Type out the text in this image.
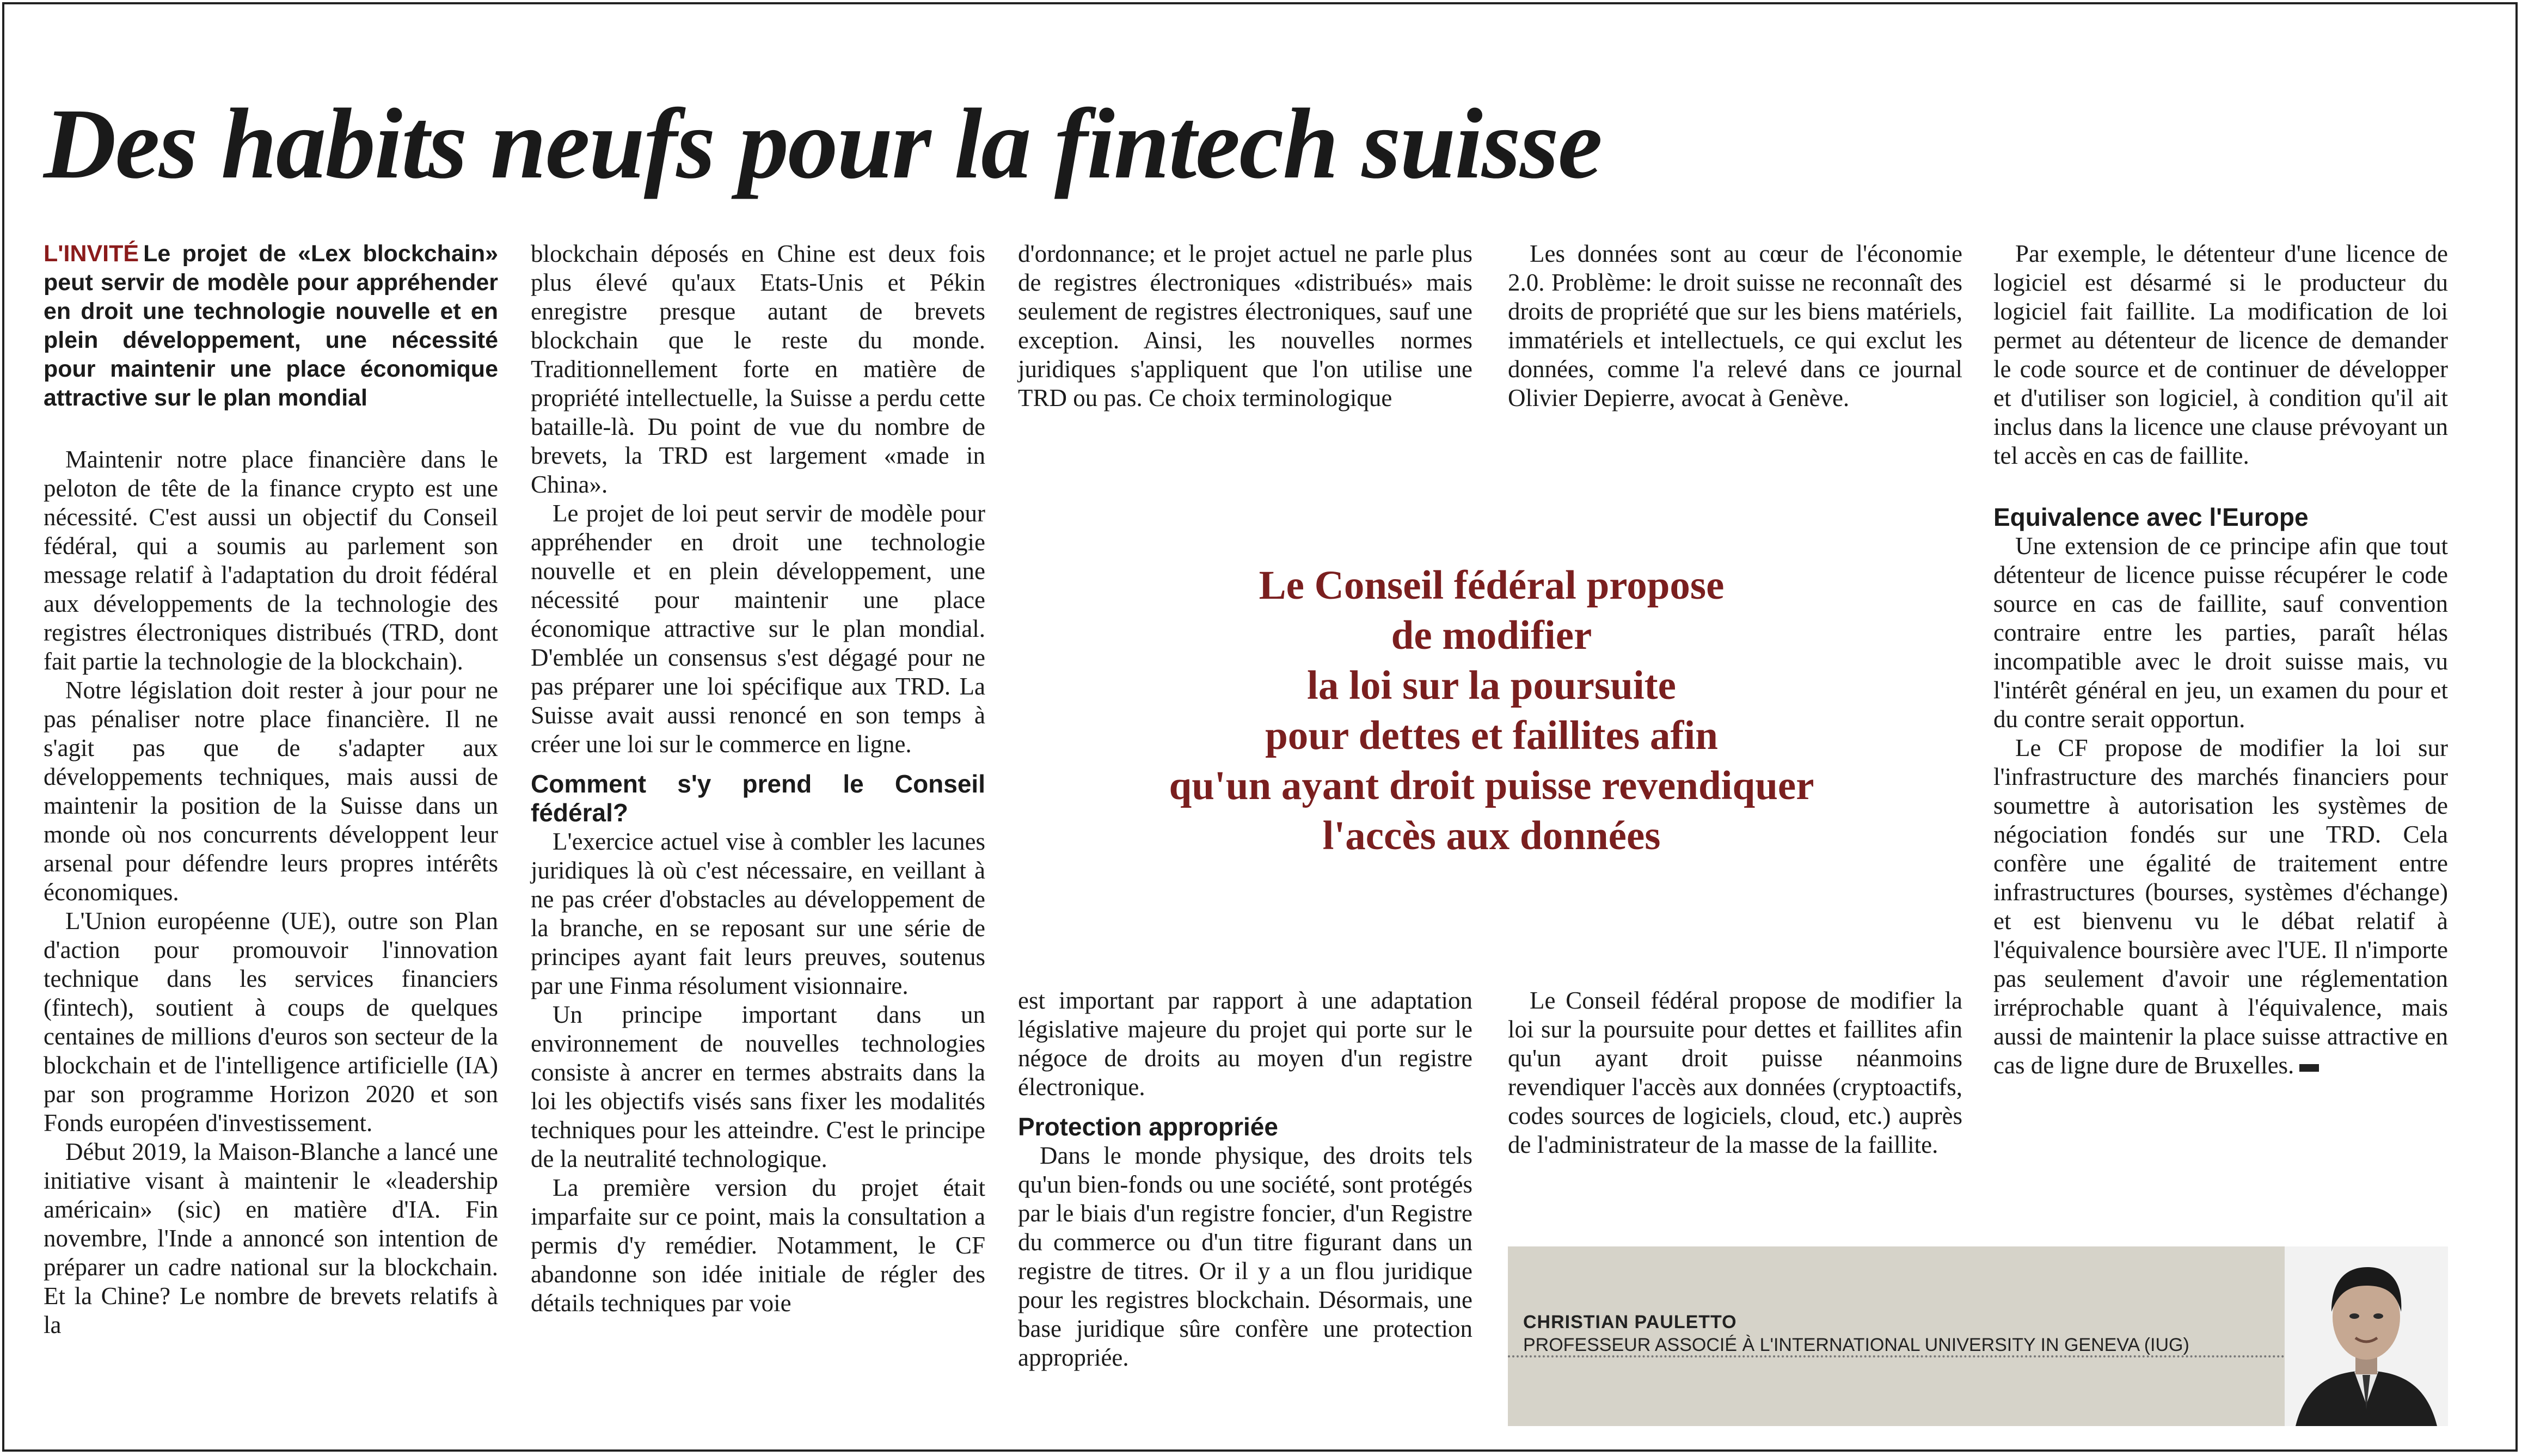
Des habits neufs pour la fintech suisse
L'INVITÉ Le projet de «Lex blockchain» peut servir de modèle pour appréhender en droit une technologie nouvelle et en plein développement, une nécessité pour maintenir une place économique attractive sur le plan mondial

Maintenir notre place financière dans le peloton de tête de la finance crypto est une nécessité. C'est aussi un objectif du Conseil fédéral, qui a soumis au parlement son message relatif à l'adaptation du droit fédéral aux développements de la technologie des registres électroniques distribués (TRD, dont fait partie la technologie de la blockchain).

Notre législation doit rester à jour pour ne pas pénaliser notre place financière. Il ne s'agit pas que de s'adapter aux développements techniques, mais aussi de maintenir la position de la Suisse dans un monde où nos concurrents développent leur arsenal pour défendre leurs propres intérêts économiques.

L'Union européenne (UE), outre son Plan d'action pour promouvoir l'innovation technique dans les services financiers (fintech), soutient à coups de quelques centaines de millions d'euros son secteur de la blockchain et de l'intelligence artificielle (IA) par son programme Horizon 2020 et son Fonds européen d'investissement.

Début 2019, la Maison-Blanche a lancé une initiative visant à maintenir le «leadership américain» (sic) en matière d'IA. Fin novembre, l'Inde a annoncé son intention de préparer un cadre national sur la blockchain. Et la Chine? Le nombre de brevets relatifs à la

blockchain déposés en Chine est deux fois plus élevé qu'aux Etats-Unis et Pékin enregistre presque autant de brevets blockchain que le reste du monde. Traditionnellement forte en matière de propriété intellectuelle, la Suisse a perdu cette bataille-là. Du point de vue du nombre de brevets, la TRD est largement «made in China».

Le projet de loi peut servir de modèle pour appréhender en droit une technologie nouvelle et en plein développement, une nécessité pour maintenir une place économique attractive sur le plan mondial. D'emblée un consensus s'est dégagé pour ne pas préparer une loi spécifique aux TRD. La Suisse avait aussi renoncé en son temps à créer une loi sur le commerce en ligne.

Comment s'y prend le Conseil fédéral?

L'exercice actuel vise à combler les lacunes juridiques là où c'est nécessaire, en veillant à ne pas créer d'obstacles au développement de la branche, en se reposant sur une série de principes ayant fait leurs preuves, soutenus par une Finma résolument visionnaire.

Un principe important dans un environnement de nouvelles technologies consiste à ancrer en termes abstraits dans la loi les objectifs visés sans fixer les modalités techniques pour les atteindre. C'est le principe de la neutralité technologique.

La première version du projet était imparfaite sur ce point, mais la consultation a permis d'y remédier. Notamment, le CF abandonne son idée initiale de régler des détails techniques par voie

d'ordonnance; et le projet actuel ne parle plus de registres électroniques «distribués» mais seulement de registres électroniques, sauf une exception. Ainsi, les nouvelles normes juridiques s'appliquent que l'on utilise une TRD ou pas. Ce choix terminologique

est important par rapport à une adaptation législative majeure du projet qui porte sur le négoce de droits au moyen d'un registre électronique.

Protection appropriée

Dans le monde physique, des droits tels qu'un bien-fonds ou une société, sont protégés par le biais d'un registre foncier, d'un Registre du commerce ou d'un titre figurant dans un registre de titres. Or il y a un flou juridique pour les registres blockchain. Désormais, une base juridique sûre confère une protection appropriée.

Les données sont au cœur de l'économie 2.0. Problème: le droit suisse ne reconnaît des droits de propriété que sur les biens matériels, immatériels et intellectuels, ce qui exclut les données, comme l'a relevé dans ce journal Olivier Depierre, avocat à Genève.

Le Conseil fédéral propose de modifier la loi sur la poursuite pour dettes et faillites afin qu'un ayant droit puisse néanmoins revendiquer l'accès aux données (cryptoactifs, codes sources de logiciels, cloud, etc.) auprès de l'administrateur de la masse de la faillite.

Le Conseil fédéral propose
de modifier
la loi sur la poursuite
pour dettes et faillites afin
qu'un ayant droit puisse revendiquer
l'accès aux données

Par exemple, le détenteur d'une licence de logiciel est désarmé si le producteur du logiciel fait faillite. La modification de loi permet au détenteur de licence de demander le code source et de continuer de développer et d'utiliser son logiciel, à condition qu'il ait inclus dans la licence une clause prévoyant un tel accès en cas de faillite.

Equivalence avec l'Europe

Une extension de ce principe afin que tout détenteur de licence puisse récupérer le code source en cas de faillite, sauf convention contraire entre les parties, paraît hélas incompatible avec le droit suisse mais, vu l'intérêt général en jeu, un examen du pour et du contre serait opportun.

Le CF propose de modifier la loi sur l'infrastructure des marchés financiers pour soumettre à autorisation les systèmes de négociation fondés sur une TRD. Cela confère une égalité de traitement entre infrastructures (bourses, systèmes d'échange) et est bienvenu vu le débat relatif à l'équivalence boursière avec l'UE. Il n'importe pas seulement d'avoir une réglementation irréprochable quant à l'équivalence, mais aussi de maintenir la place suisse attractive en cas de ligne dure de Bruxelles.

CHRISTIAN PAULETTO
PROFESSEUR ASSOCIÉ À L'INTERNATIONAL UNIVERSITY IN GENEVA (IUG)
